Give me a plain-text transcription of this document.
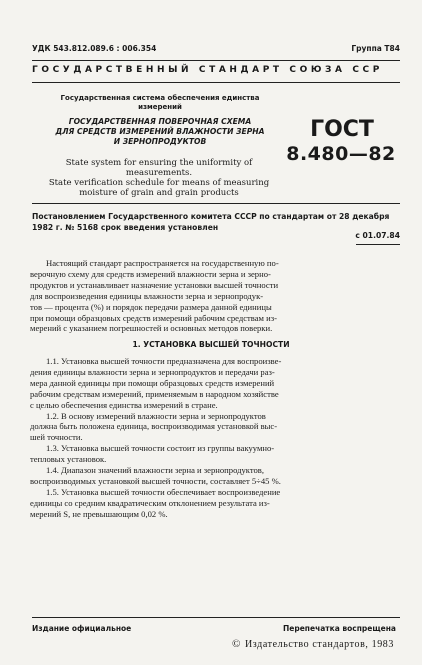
УДК 543.812.089.6 : 006.354	Группа Т84
ГОСУДАРСТВЕННЫЙ СТАНДАРТ СОЮЗА ССР
Государственная система обеспечения единства
измерений
ГОСУДАРСТВЕННАЯ ПОВЕРОЧНАЯ СХЕМА
ДЛЯ СРЕДСТВ ИЗМЕРЕНИЙ ВЛАЖНОСТИ ЗЕРНА
И ЗЕРНОПРОДУКТОВ	ГОСТ
8.480—82
State system for ensuring the uniformity of measurements.
State verification schedule for means of measuring
moisture of grain and grain products
Постановлением Государственного комитета СССР по стандартам от 28 декабря
1982 г. № 5168 срок введения установлен
с 01.07.84
Настоящий стандарт распространяется на государственную по-
верочную схему для средств измерений влажности зерна и зерно-
продуктов и устанавливает назначение установки высшей точности
для воспроизведения единицы влажности зерна и зернопродук-
тов — процента (%) и порядок передачи размера данной единицы
при помощи образцовых средств измерений рабочим средствам из-
мерений с указанием погрешностей и основных методов поверки.
1. УСТАНОВКА ВЫСШЕЙ ТОЧНОСТИ
1.1. Установка высшей точности предназначена для воспроизве-
дения единицы влажности зерна и зернопродуктов и передачи раз-
мера данной единицы при помощи образцовых средств измерений
рабочим средствам измерений, применяемым в народном хозяйстве
с целью обеспечения единства измерений в стране.
1.2. В основу измерений влажности зерна и зернопродуктов
должна быть положена единица, воспроизводимая установкой выс-
шей точности.
1.3. Установка высшей точности состоит из группы вакуумно-
тепловых установок.
1.4. Диапазон значений влажности зерна и зернопродуктов,
воспроизводимых установкой высшей точности, составляет 5÷45 %.
1.5. Установка высшей точности обеспечивает воспроизведение
единицы со средним квадратическим отклонением результата из-
мерений S, не превышающим 0,02 %.
Издание официальное	Перепечатка воспрещена
© Издательство стандартов, 1983
